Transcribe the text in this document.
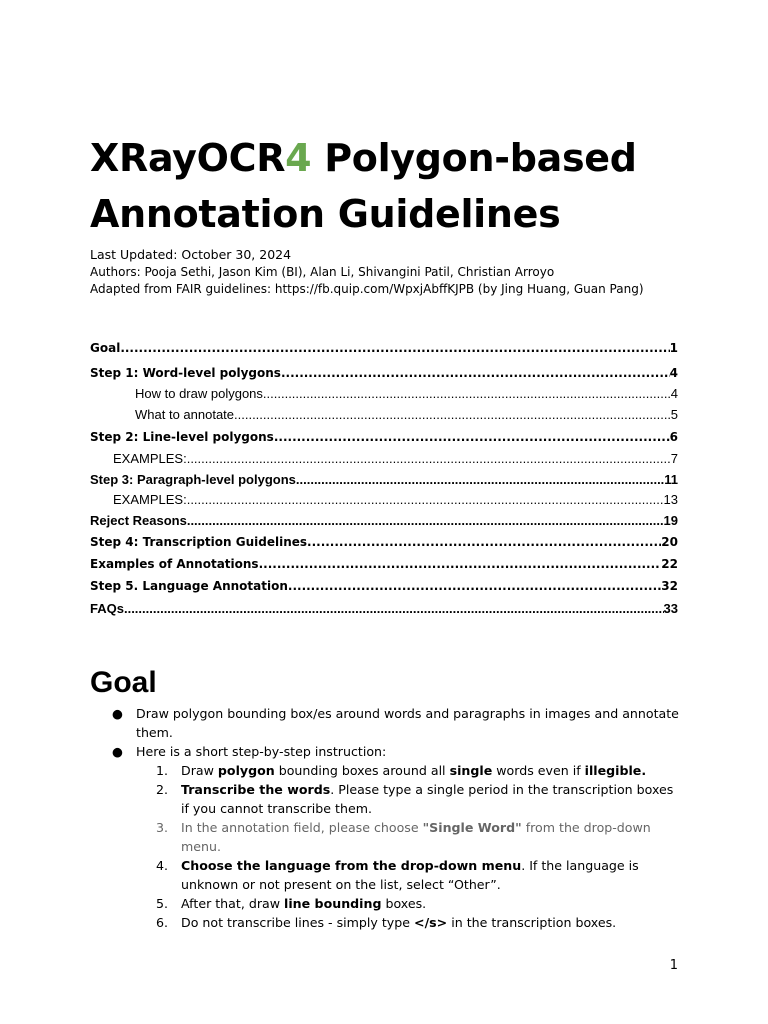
XRayOCR4 Polygon-based
Annotation Guidelines
Last Updated: October 30, 2024
Authors: Pooja Sethi, Jason Kim (BI), Alan Li, Shivangini Patil, Christian Arroyo
Adapted from FAIR guidelines: https://fb.quip.com/WpxjAbffKJPB (by Jing Huang, Guan Pang)
Goal .....	1
Step 1: Word-level polygons .....	4
How to draw polygons .....	4
What to annotate .....	5
Step 2: Line-level polygons .....	6
EXAMPLES: .....	7
Step 3: Paragraph-level polygons .....	11
EXAMPLES: .....	13
Reject Reasons .....	19
Step 4: Transcription Guidelines .....	20
Examples of Annotations .....	22
Step 5. Language Annotation .....	32
FAQs .....	33
Goal
● Draw polygon bounding box/es around words and paragraphs in images and annotate them.
● Here is a short step-by-step instruction:
1. Draw polygon bounding boxes around all single words even if illegible.
2. Transcribe the words. Please type a single period in the transcription boxes if you cannot transcribe them.
3. In the annotation field, please choose "Single Word" from the drop-down menu.
4. Choose the language from the drop-down menu. If the language is unknown or not present on the list, select “Other”.
5. After that, draw line bounding boxes.
6. Do not transcribe lines - simply type </s> in the transcription boxes.
1
